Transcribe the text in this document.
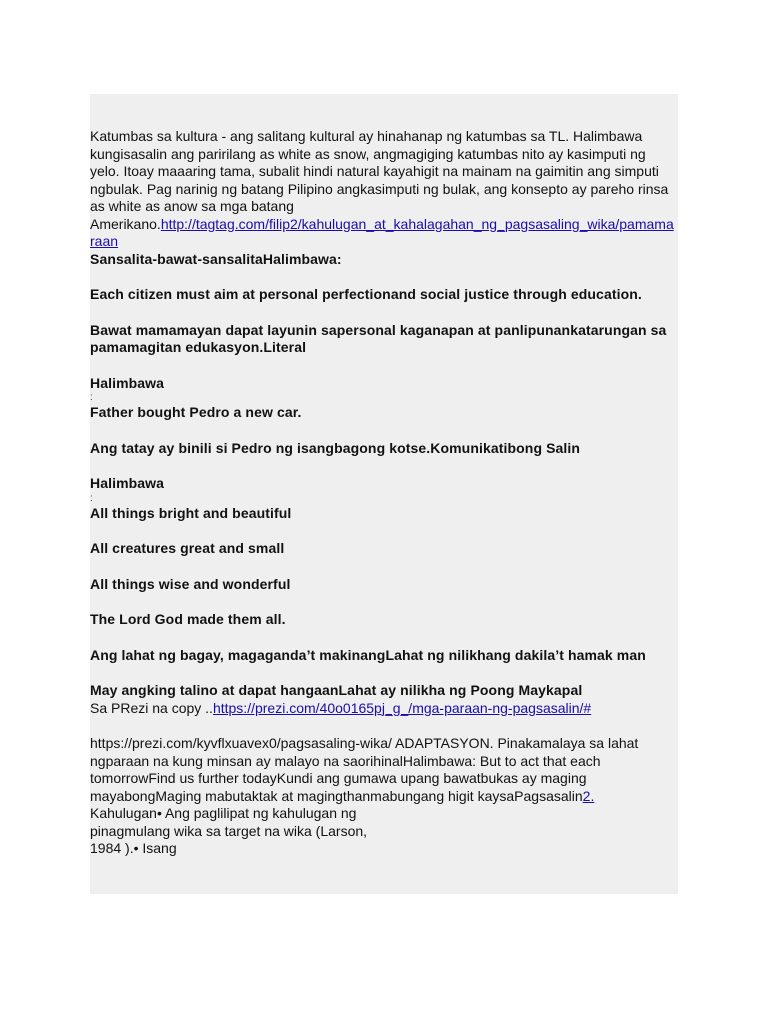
Katumbas sa kultura - ang salitang kultural ay hinahanap ng katumbas sa TL. Halimbawa kungisasalin ang paririlang as white as snow, angmagiging katumbas nito ay kasimputi ng yelo. Itoay maaaring tama, subalit hindi natural kayahigit na mainam na gaimitin ang simputi ngbulak. Pag narinig ng batang Pilipino angkasimputi ng bulak, ang konsepto ay pareho rinsa as white as anow sa mga batang Amerikano.http://tagtag.com/filip2/kahulugan_at_kahalagahan_ng_pagsasaling_wika/pamamaraan

Sansalita-bawat-sansalitaHalimbawa:

Each citizen must aim at personal perfectionand social justice through education.

Bawat mamamayan dapat layunin sapersonal kaganapan at panlipunankatarungan sa pamamagitan edukasyon.Literal

Halimbawa

:

Father bought Pedro a new car.

Ang tatay ay binili si Pedro ng isangbagong kotse.Komunikatibong Salin

Halimbawa

:

All things bright and beautiful

All creatures great and small

All things wise and wonderful

The Lord God made them all.

Ang lahat ng bagay, magaganda’t makinangLahat ng nilikhang dakila’t hamak man

May angking talino at dapat hangaanLahat ay nilikha ng Poong Maykapal

Sa PRezi na copy ..https://prezi.com/40o0165pj_g_/mga-paraan-ng-pagsasalin/#

https://prezi.com/kyvflxuavex0/pagsasaling-wika/ ADAPTASYON. Pinakamalaya sa lahat ngparaan na kung minsan ay malayo na saorihinalHalimbawa: But to act that each tomorrowFind us further todayKundi ang gumawa upang bawatbukas ay maging mayabongMaging mabutaktak at magingthanmabungang higit kaysaPagsasalin2.

Kahulugan• Ang paglilipat ng kahulugan ng

pinagmulang wika sa target na wika (Larson,

1984 ).• Isang
